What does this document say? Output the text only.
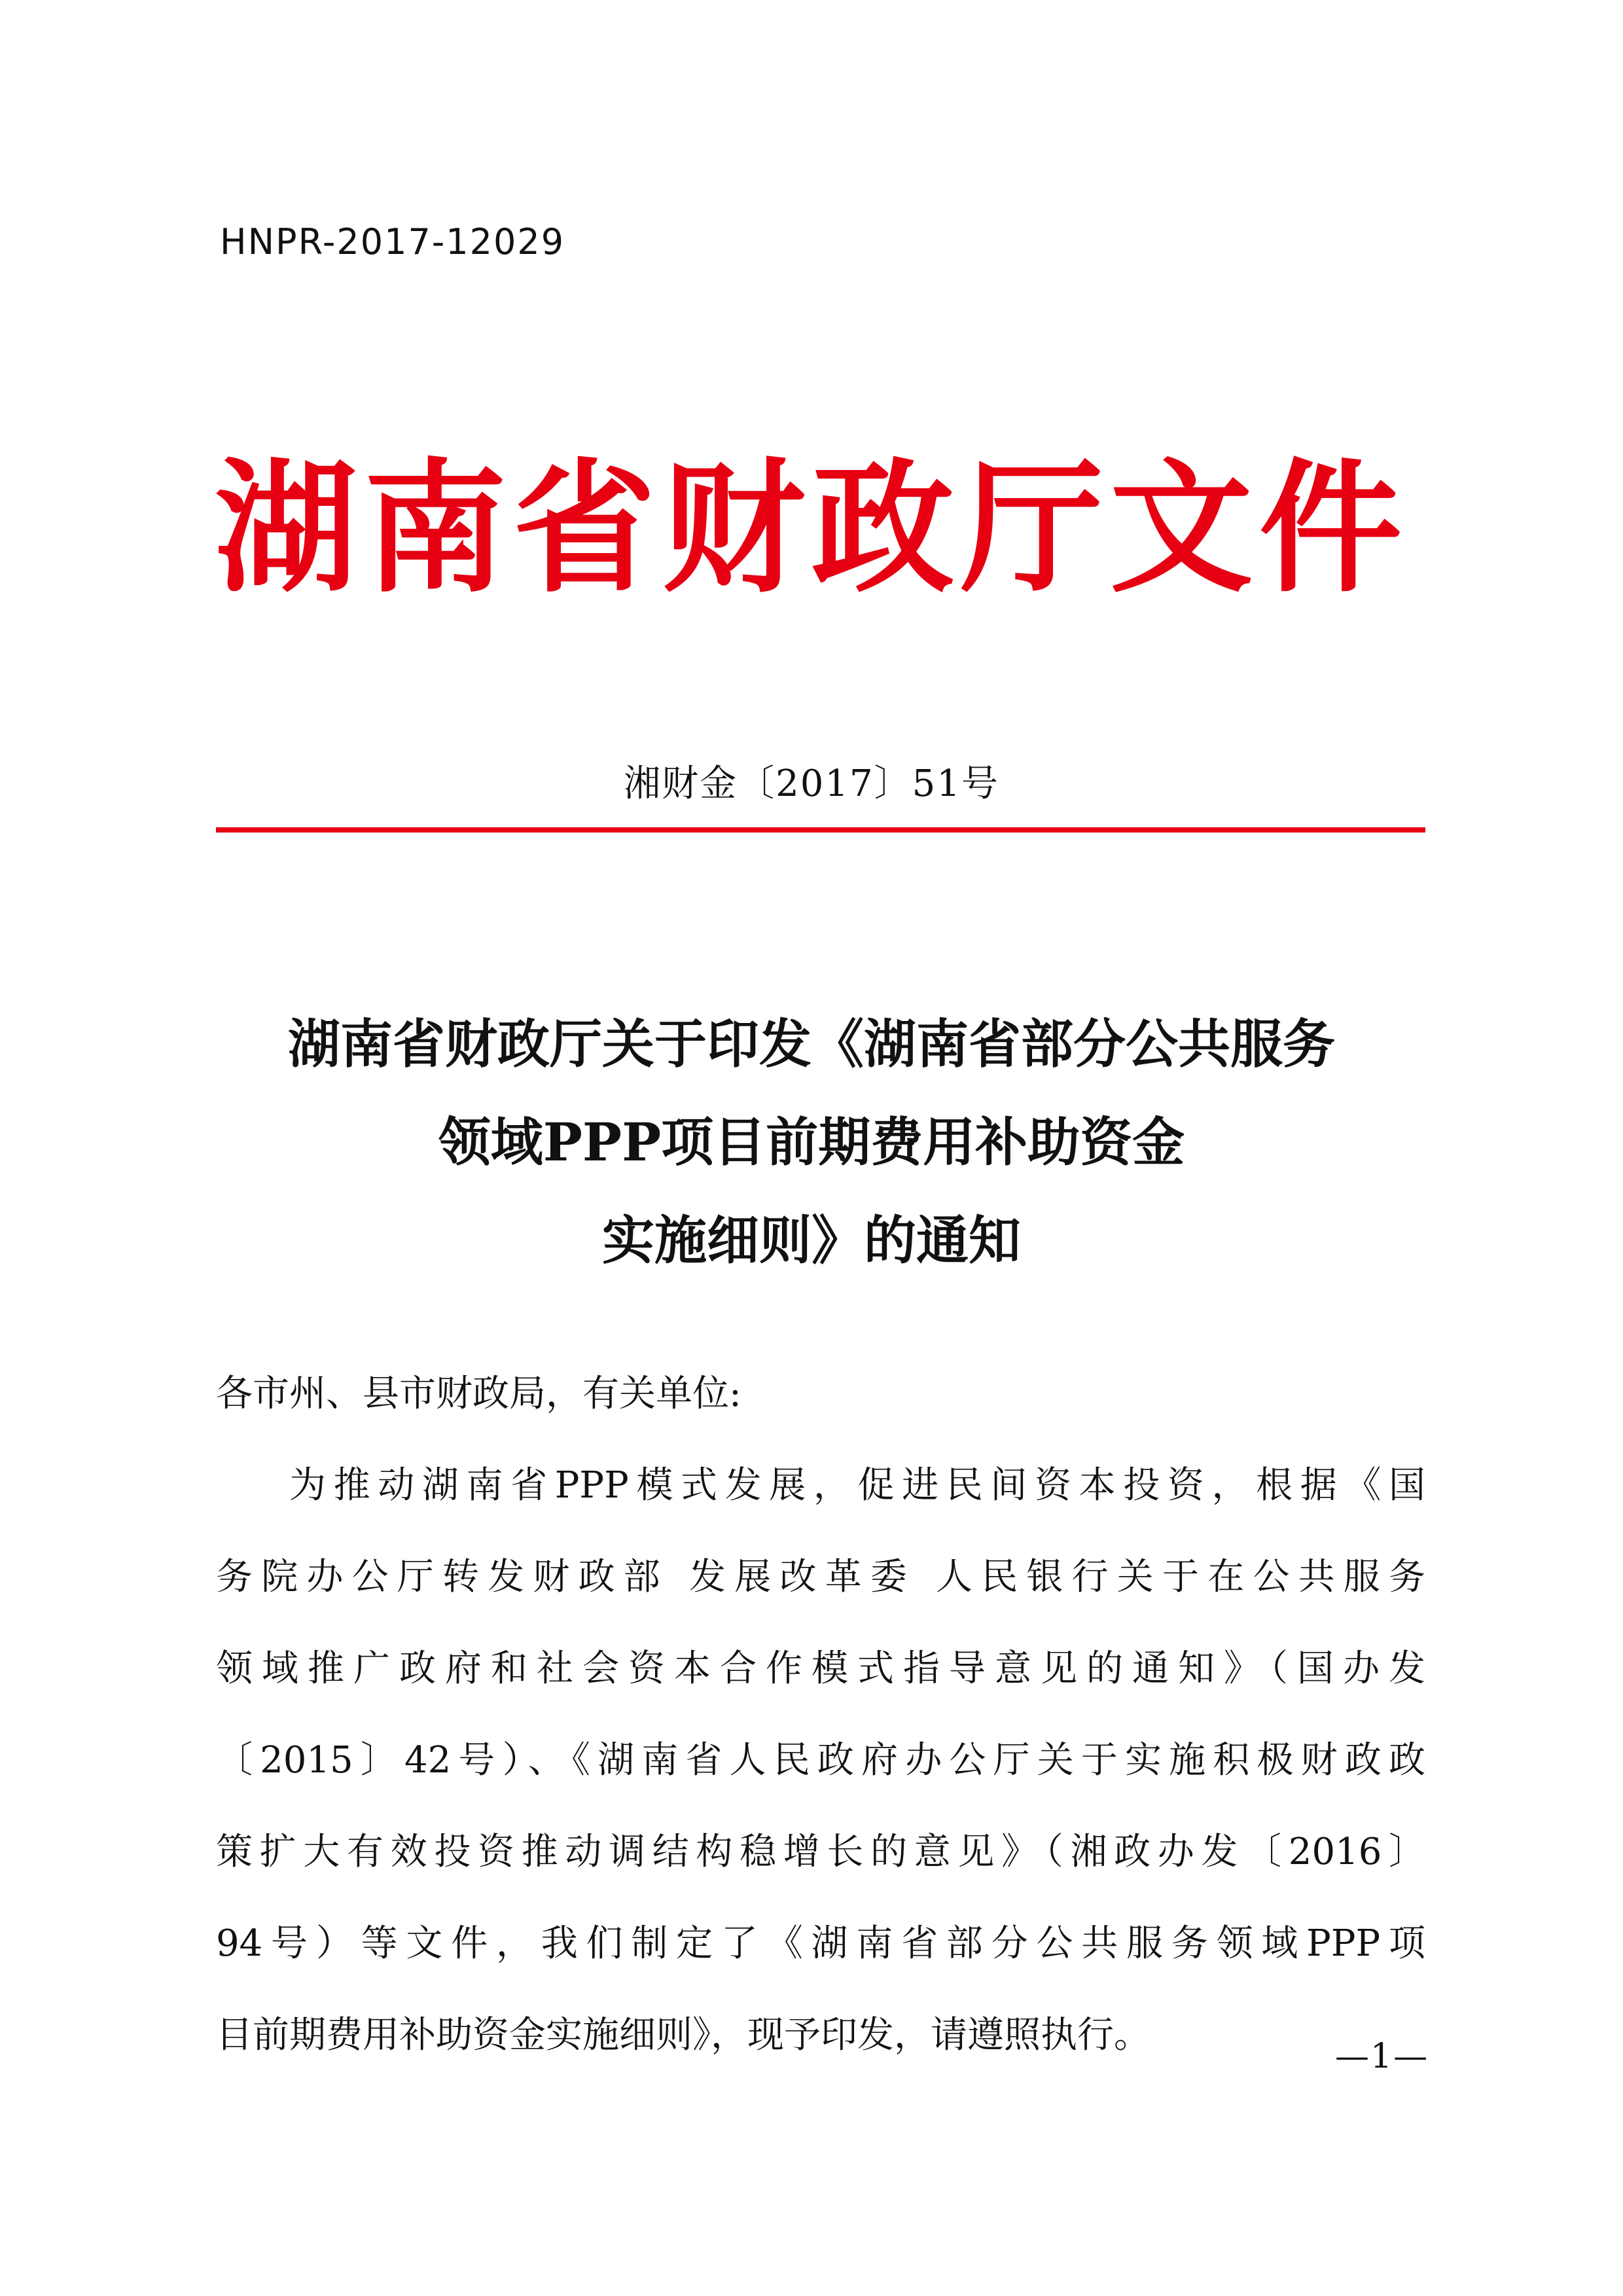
HNPR-2017-12029
湖南省财政厅文件
湘财金〔2017〕51号
湖南省财政厅关于印发《湖南省部分公共服务
领域PPP项目前期费用补助资金
实施细则》的通知
各市州、县市财政局，有关单位:
为推动湖南省PPP模式发展，促进民间资本投资，根据《国
务院办公厅转发财政部 发展改革委 人民银行关于在公共服务
领域推广政府和社会资本合作模式指导意见的通知》（国办发
〔2015〕42号）、《湖南省人民政府办公厅关于实施积极财政政
策扩大有效投资推动调结构稳增长的意见》（湘政办发〔2016〕
94号）等文件，我们制定了《湖南省部分公共服务领域PPP项
目前期费用补助资金实施细则》，现予印发，请遵照执行。	—1—
